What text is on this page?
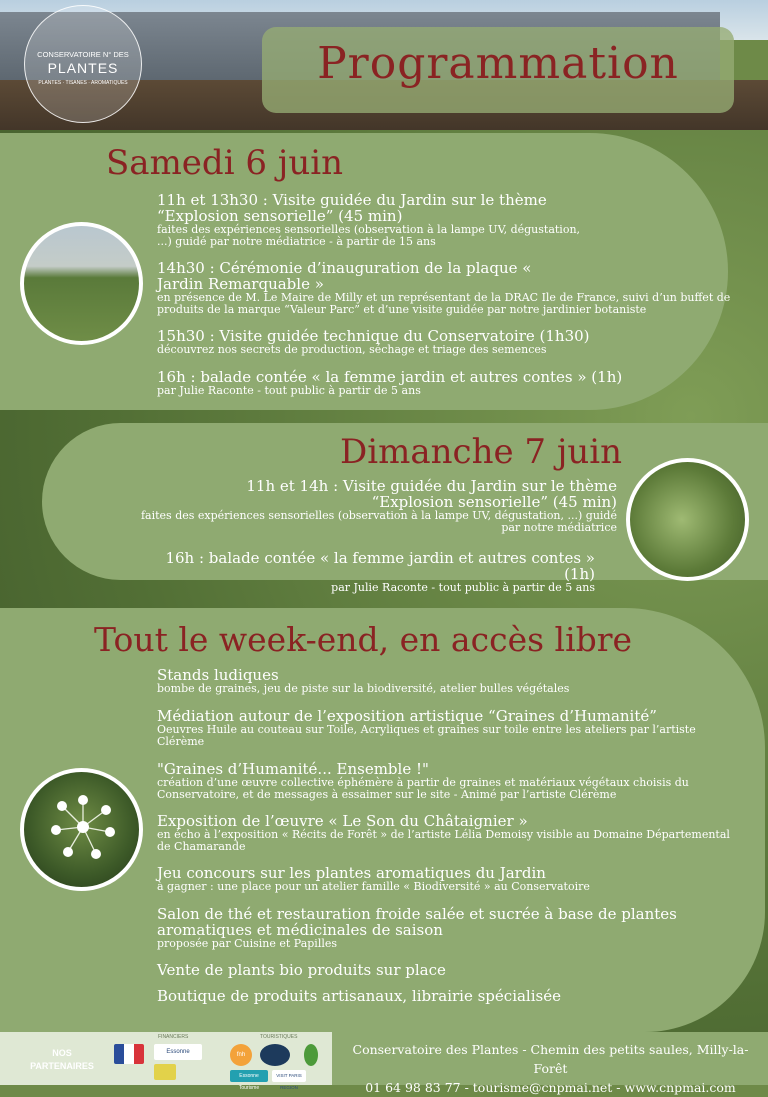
CONSERVATOIRE N° DES
PLANTES
PLANTES · TISANES · AROMATIQUES	Programmation
Samedi 6 juin
11h et 13h30 : Visite guidée du Jardin sur le thème “Explosion sensorielle” (45 min)
faites des expériences sensorielles (observation à la lampe UV, dégustation, ...) guidé par notre médiatrice - à partir de 15 ans
14h30 : Cérémonie d’inauguration de la plaque « Jardin Remarquable »
en présence de M. Le Maire de Milly et un représentant de la DRAC Ile de France, suivi d’un buffet de produits de la marque “Valeur Parc” et d’une visite guidée par notre jardinier botaniste
15h30 : Visite guidée technique du Conservatoire (1h30)
découvrez nos secrets de production, séchage et triage des semences
16h : balade contée « la femme jardin et autres contes » (1h)
par Julie Raconte - tout public à partir de 5 ans
Dimanche 7 juin
11h et 14h : Visite guidée du Jardin sur le thème “Explosion sensorielle” (45 min)
faites des expériences sensorielles (observation à la lampe UV, dégustation, ...) guidé par notre médiatrice
16h : balade contée « la femme jardin et autres contes » (1h)
par Julie Raconte - tout public à partir de 5 ans
Tout le week-end, en accès libre
Stands ludiques
bombe de graines, jeu de piste sur la biodiversité, atelier bulles végétales
Médiation autour de l’exposition artistique “Graines d’Humanité”
Oeuvres Huile au couteau sur Toile, Acryliques et graines sur toile entre les ateliers par l’artiste Clérème
"Graines d’Humanité... Ensemble !"
création d’une œuvre collective éphémère à partir de graines et matériaux végétaux choisis du Conservatoire, et de messages à essaimer sur le site - Animé par l’artiste Clérème
Exposition de l’œuvre « Le Son du Châtaignier »
en écho à l’exposition « Récits de Forêt » de l’artiste Lélia Demoisy visible au Domaine Départemental de Chamarande
Jeu concours sur les plantes aromatiques du Jardin
à gagner : une place pour un atelier famille « Biodiversité » au Conservatoire
Salon de thé et restauration froide salée et sucrée à base de plantes aromatiques et médicinales de saison
proposée par Cuisine et Papilles
Vente de plants bio produits sur place
Boutique de produits artisanaux, librairie spécialisée
NOS PARTENAIRES
FINANCIERS	TOURISTIQUES
Essonne	fnh
Essonne Tourisme
VISIT PARIS REGION
Conservatoire des Plantes - Chemin des petits saules, Milly-la-Forêt
01 64 98 83 77 - tourisme@cnpmai.net - www.cnpmai.com
